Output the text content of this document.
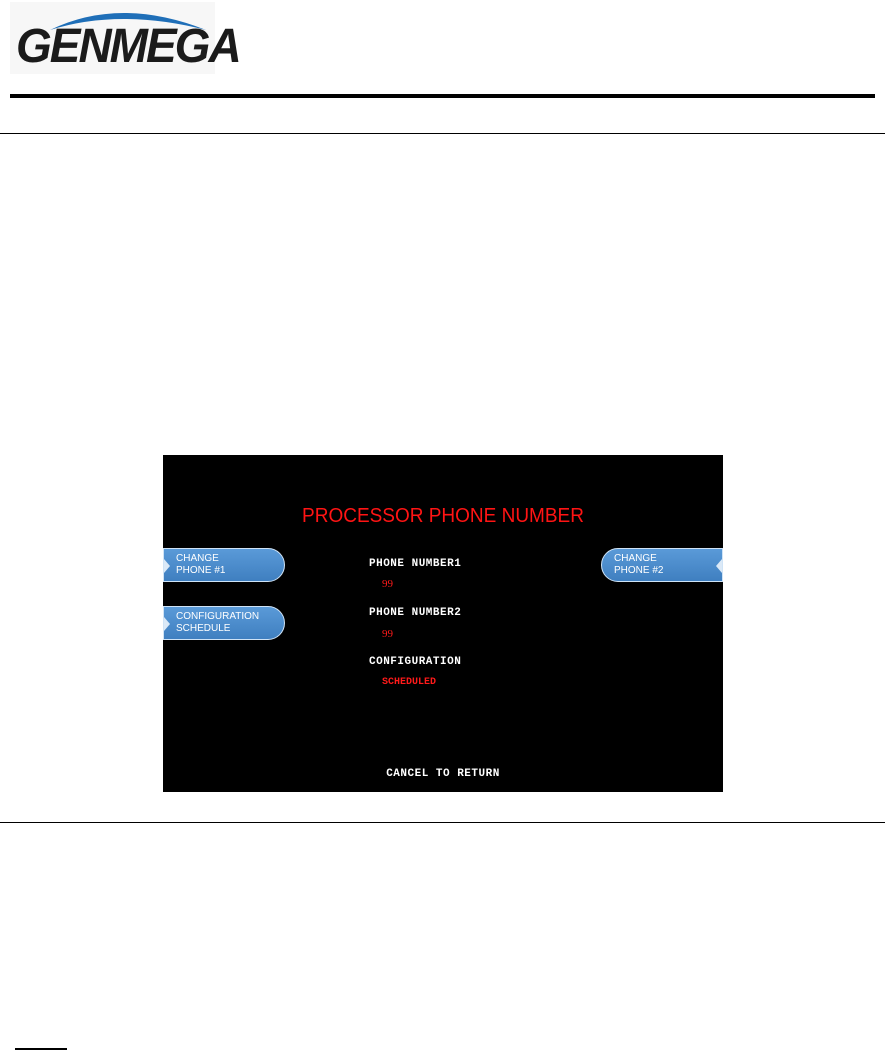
GENMEGA
PROCESSOR PHONE NUMBER
CHANGE
PHONE #1
CONFIGURATION
SCHEDULE
CHANGE
PHONE #2
PHONE NUMBER1
99
PHONE NUMBER2
99
CONFIGURATION
SCHEDULED
CANCEL TO RETURN
